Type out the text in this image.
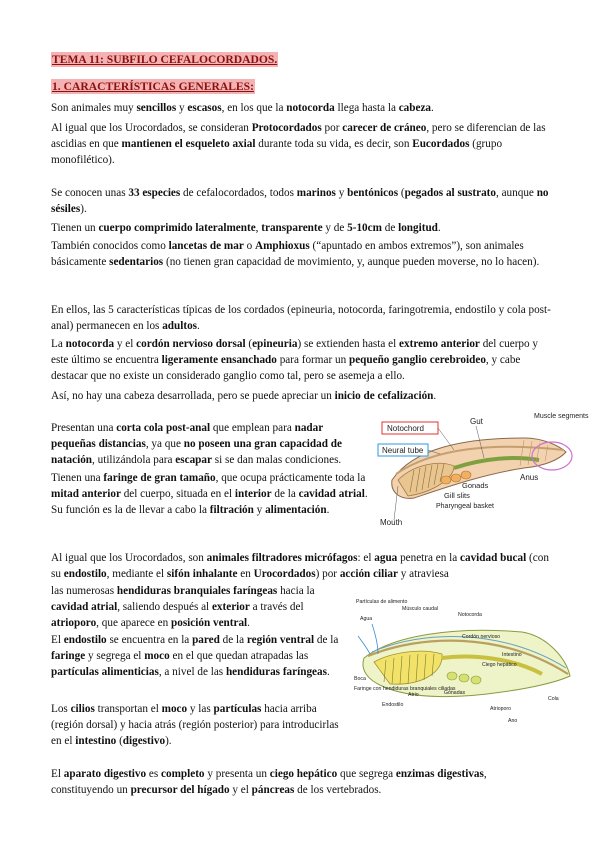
TEMA 11: SUBFILO CEFALOCORDADOS.
1. CARACTERÍSTICAS GENERALES:

Son animales muy sencillos y escasos, en los que la notocorda llega hasta la cabeza.

Al igual que los Urocordados, se consideran Protocordados por carecer de cráneo, pero se diferencian de las ascidias en que mantienen el esqueleto axial durante toda su vida, es decir, son Eucordados (grupo monofilético).

Se conocen unas 33 especies de cefalocordados, todos marinos y bentónicos (pegados al sustrato, aunque no sésiles).

Tienen un cuerpo comprimido lateralmente, transparente y de 5-10cm de longitud.

También conocidos como lancetas de mar o Amphioxus (“apuntado en ambos extremos”), son animales básicamente sedentarios (no tienen gran capacidad de movimiento, y, aunque pueden moverse, no lo hacen).

En ellos, las 5 características típicas de los cordados (epineuria, notocorda, faringotremia, endostilo y cola post-anal) permanecen en los adultos.

La notocorda y el cordón nervioso dorsal (epineuria) se extienden hasta el extremo anterior del cuerpo y este último se encuentra ligeramente ensanchado para formar un pequeño ganglio cerebroideo, y cabe destacar que no existe un considerado ganglio como tal, pero se asemeja a ello.

Así, no hay una cabeza desarrollada, pero se puede apreciar un inicio de cefalización.

Presentan una corta cola post-anal que emplean para nadar pequeñas distancias, ya que no poseen una gran capacidad de natación, utilizándola para escapar si se dan malas condiciones.

Tienen una faringe de gran tamaño, que ocupa prácticamente toda la mitad anterior del cuerpo, situada en el interior de la cavidad atrial. Su función es la de llevar a cabo la filtración y alimentación.

Al igual que los Urocordados, son animales filtradores micrófagos: el agua penetra en la cavidad bucal (con su endostilo, mediante el sifón inhalante en Urocordados) por acción ciliar y atraviesa

las numerosas hendiduras branquiales faríngeas hacia la cavidad atrial, saliendo después al exterior a través del atrioporo, que aparece en posición ventral.

El endostilo se encuentra en la pared de la región ventral de la faringe y segrega el moco en el que quedan atrapadas las partículas alimenticias, a nivel de las hendiduras faríngeas.

Los cilios transportan el moco y las partículas hacia arriba (región dorsal) y hacia atrás (región posterior) para introducirlas en el intestino (digestivo).

El aparato digestivo es completo y presenta un ciego hepático que segrega enzimas digestivas, constituyendo un precursor del hígado y el páncreas de los vertebrados.

Notochord
Neural tube
Gut
Muscle segments
Anus
Gonads
Gill slits
Pharyngeal basket
Mouth
Partículas de alimento
Agua
Músculo caudal
Notocorda
Cordón nervioso
Boca
Faringe con hendiduras branquiales ciliadas
Atrio
Endostilo
Gónadas
Ciego hepático
Atrioporo
Ano
Cola
Intestino
